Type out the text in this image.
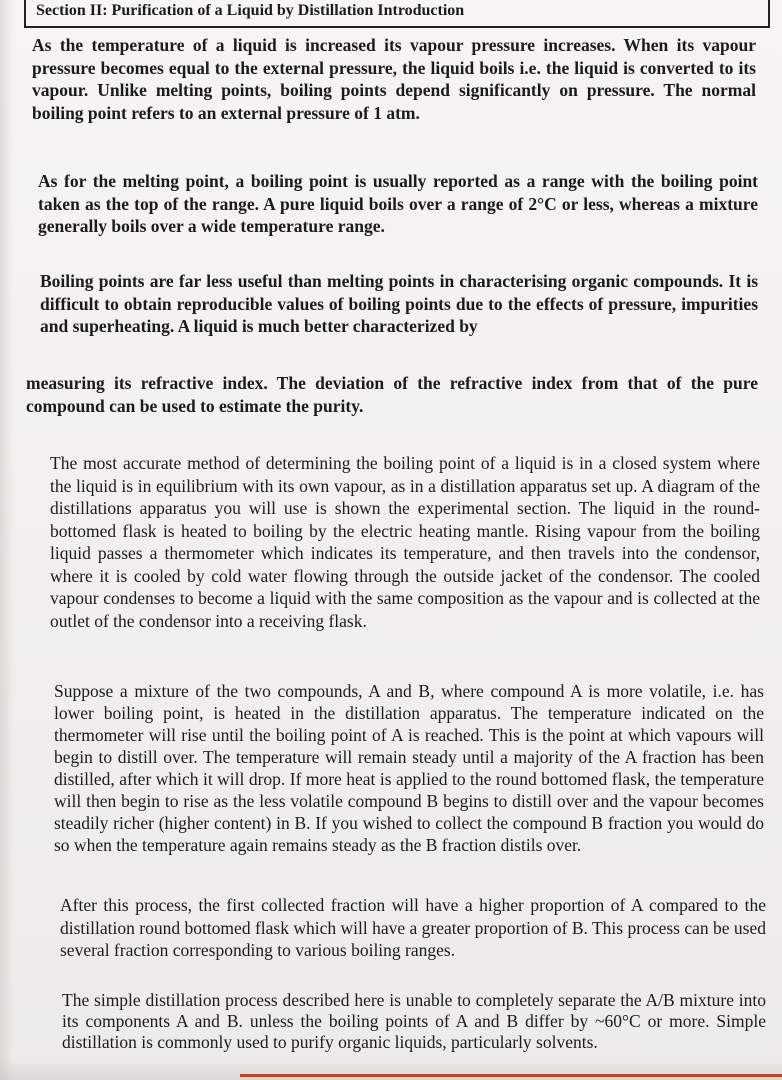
Section II: Purification of a Liquid by Distillation Introduction

As the temperature of a liquid is increased its vapour pressure increases. When its vapour pressure becomes equal to the external pressure, the liquid boils i.e. the liquid is converted to its vapour. Unlike melting points, boiling points depend significantly on pressure. The normal boiling point refers to an external pressure of 1 atm.

As for the melting point, a boiling point is usually reported as a range with the boiling point taken as the top of the range. A pure liquid boils over a range of 2°C or less, whereas a mixture generally boils over a wide temperature range.

Boiling points are far less useful than melting points in characterising organic compounds. It is difficult to obtain reproducible values of boiling points due to the effects of pressure, impurities and superheating. A liquid is much better characterized by

measuring its refractive index. The deviation of the refractive index from that of the pure compound can be used to estimate the purity.

The most accurate method of determining the boiling point of a liquid is in a closed system where the liquid is in equilibrium with its own vapour, as in a distillation apparatus set up. A diagram of the distillations apparatus you will use is shown the experimental section. The liquid in the round-bottomed flask is heated to boiling by the electric heating mantle. Rising vapour from the boiling liquid passes a thermometer which indicates its temperature, and then travels into the condensor, where it is cooled by cold water flowing through the outside jacket of the condensor. The cooled vapour condenses to become a liquid with the same composition as the vapour and is collected at the outlet of the condensor into a receiving flask.

Suppose a mixture of the two compounds, A and B, where compound A is more volatile, i.e. has lower boiling point, is heated in the distillation apparatus. The temperature indicated on the thermometer will rise until the boiling point of A is reached. This is the point at which vapours will begin to distill over. The temperature will remain steady until a majority of the A fraction has been distilled, after which it will drop. If more heat is applied to the round bottomed flask, the temperature will then begin to rise as the less volatile compound B begins to distill over and the vapour becomes steadily richer (higher content) in B. If you wished to collect the compound B fraction you would do so when the temperature again remains steady as the B fraction distils over.

After this process, the first collected fraction will have a higher proportion of A compared to the distillation round bottomed flask which will have a greater proportion of B. This process can be used several fraction corresponding to various boiling ranges.

The simple distillation process described here is unable to completely separate the A/B mixture into its components A and B. unless the boiling points of A and B differ by ~60°C or more. Simple distillation is commonly used to purify organic liquids, particularly solvents.
